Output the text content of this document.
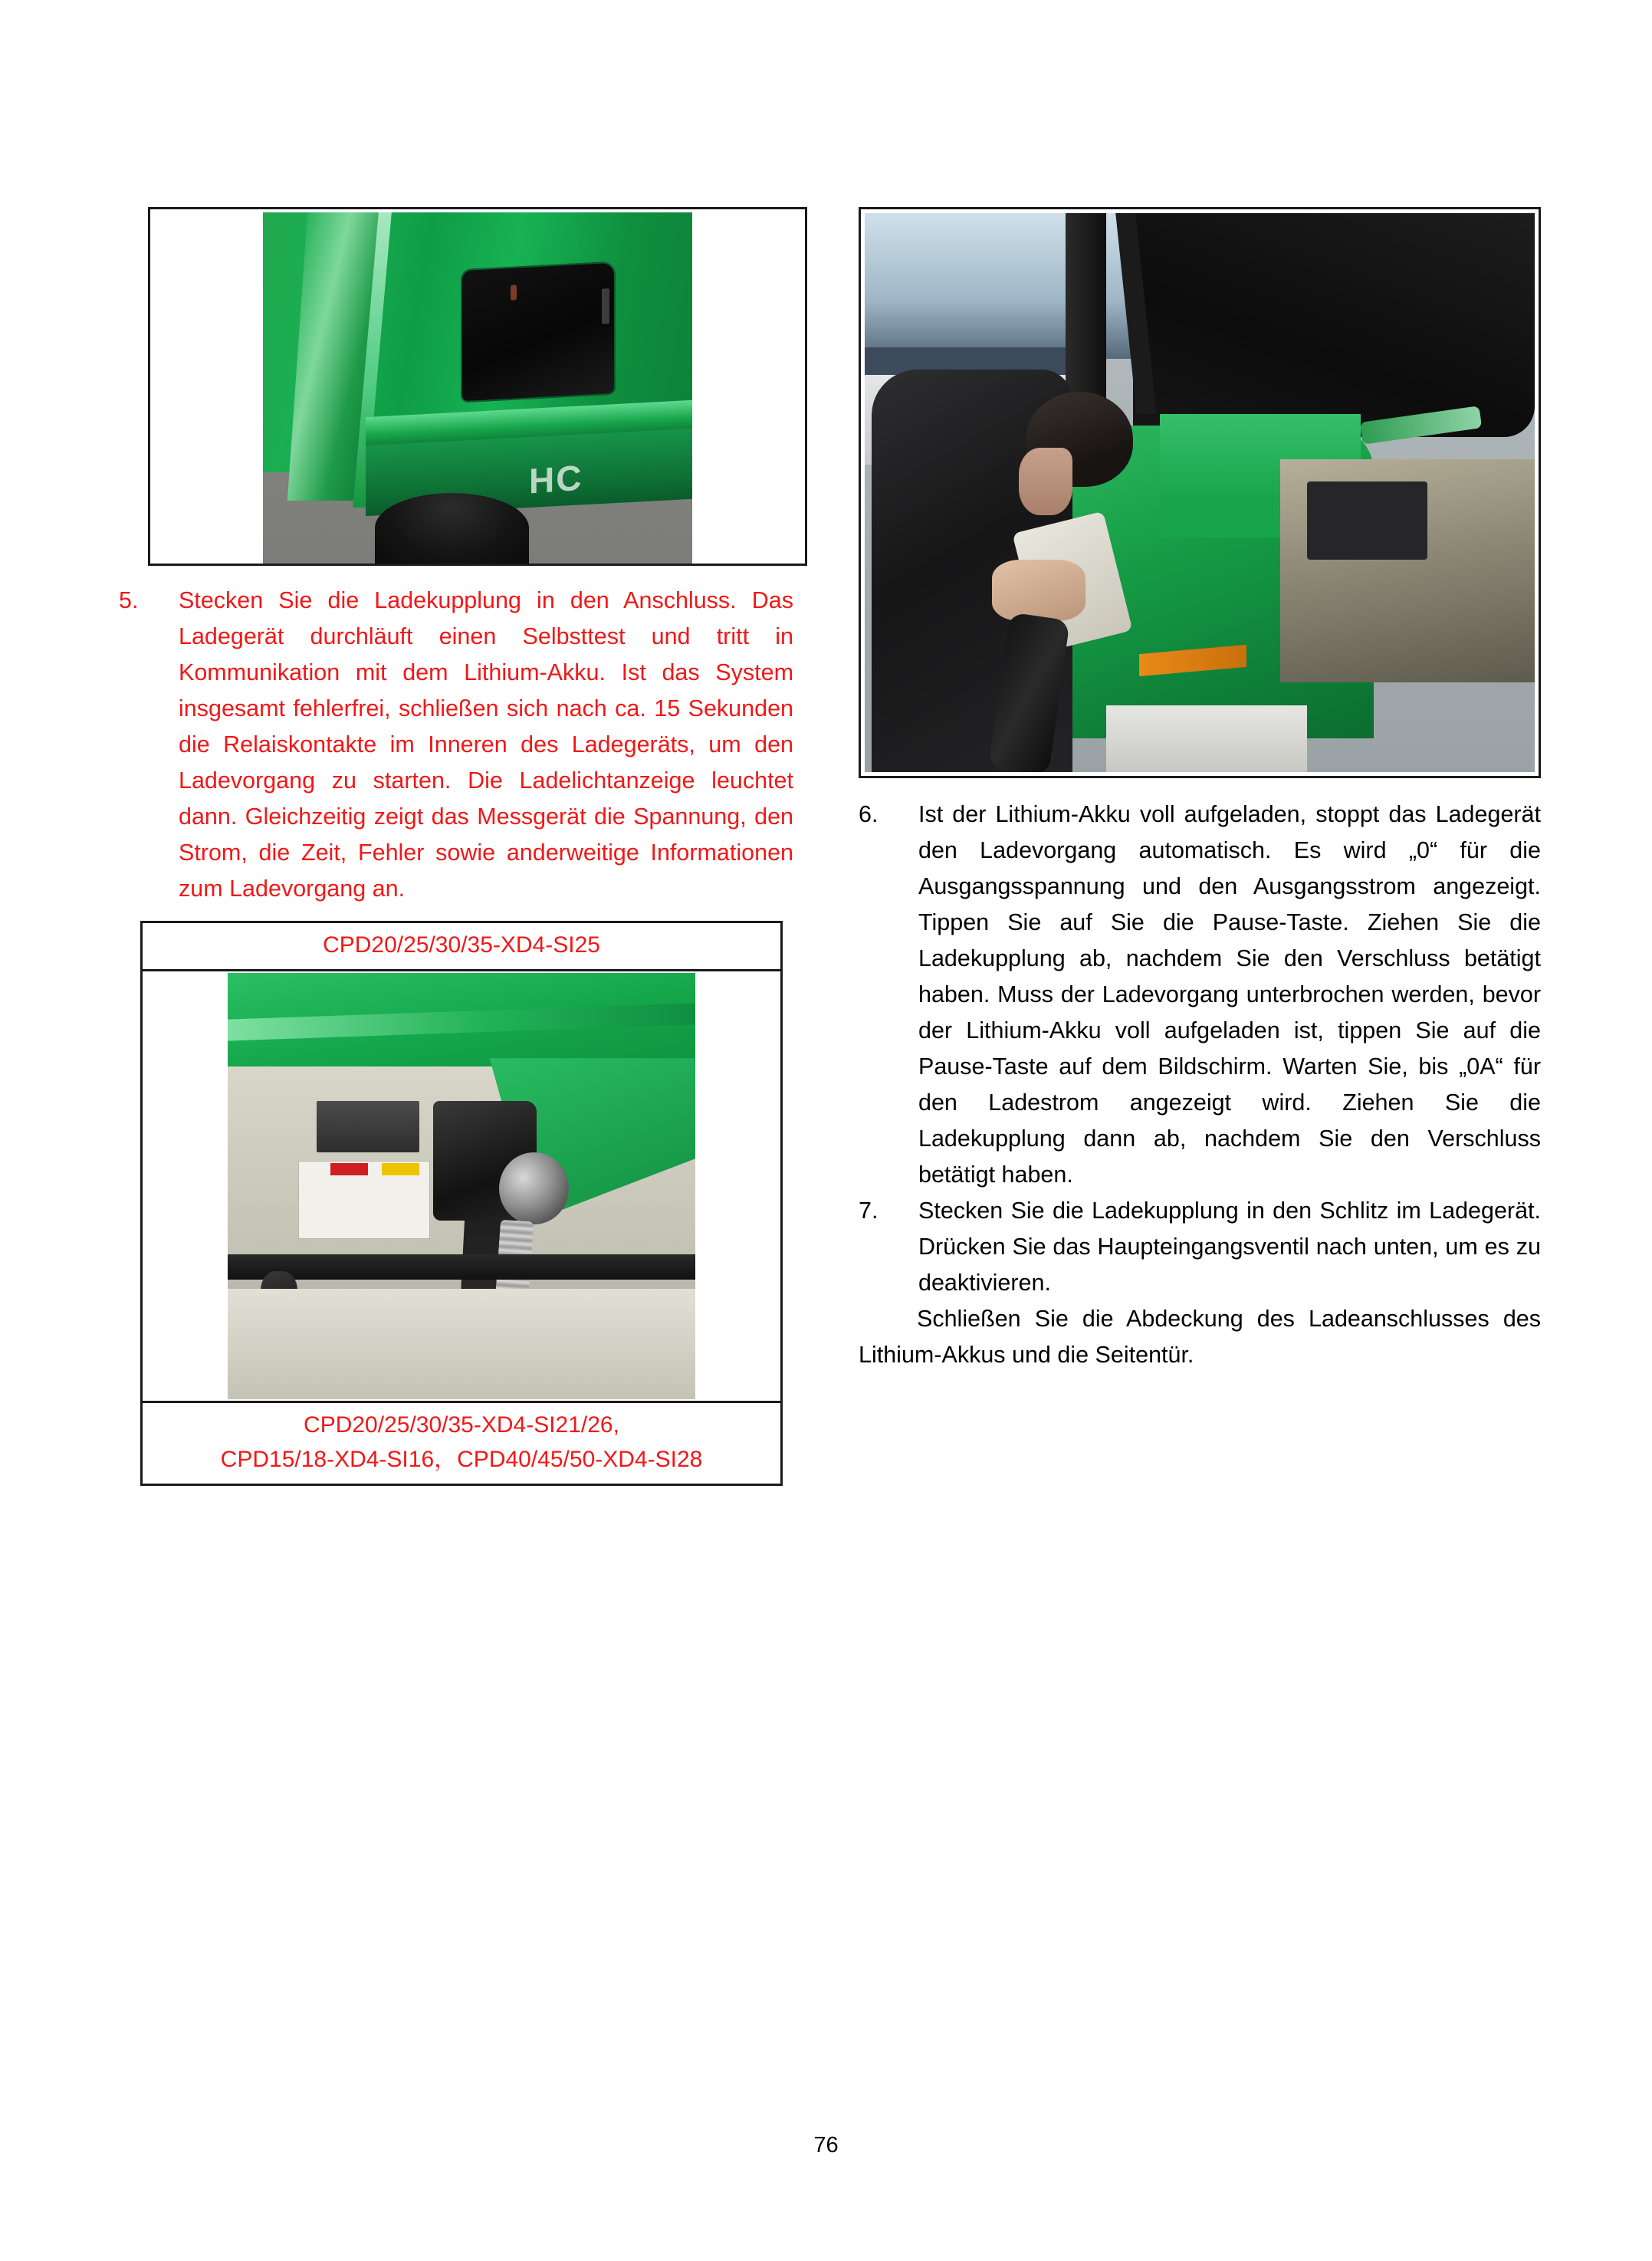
HC
5.	Stecken Sie die Ladekupplung in den Anschluss. Das Ladegerät durchläuft einen Selbsttest und tritt in Kommunikation mit dem Lithium-Akku. Ist das System insgesamt fehlerfrei, schließen sich nach ca. 15 Sekunden die Relaiskontakte im Inneren des Ladegeräts, um den Ladevorgang zu starten. Die Ladelichtanzeige leuchtet dann. Gleichzeitig zeigt das Messgerät die Spannung, den Strom, die Zeit, Fehler sowie anderweitige Informationen zum Ladevorgang an.
CPD20/25/30/35-XD4-SI25

CPD20/25/30/35-XD4-SI21/26,
CPD15/18-XD4-SI16，CPD40/45/50-XD4-SI28
6.	Ist der Lithium-Akku voll aufgeladen, stoppt das Ladegerät den Ladevorgang automatisch. Es wird „0“ für die Ausgangsspannung und den Ausgangsstrom angezeigt. Tippen Sie auf Sie die Pause-Taste. Ziehen Sie die Ladekupplung ab, nachdem Sie den Verschluss betätigt haben. Muss der Ladevorgang unterbrochen werden, bevor der Lithium-Akku voll aufgeladen ist, tippen Sie auf die Pause-Taste auf dem Bildschirm. Warten Sie, bis „0A“ für den Ladestrom angezeigt wird. Ziehen Sie die Ladekupplung dann ab, nachdem Sie den Verschluss betätigt haben.
7.	Stecken Sie die Ladekupplung in den Schlitz im Ladegerät. Drücken Sie das Haupteingangsventil nach unten, um es zu deaktivieren.
Schließen Sie die Abdeckung des Ladeanschlusses des Lithium-Akkus und die Seitentür.
76
